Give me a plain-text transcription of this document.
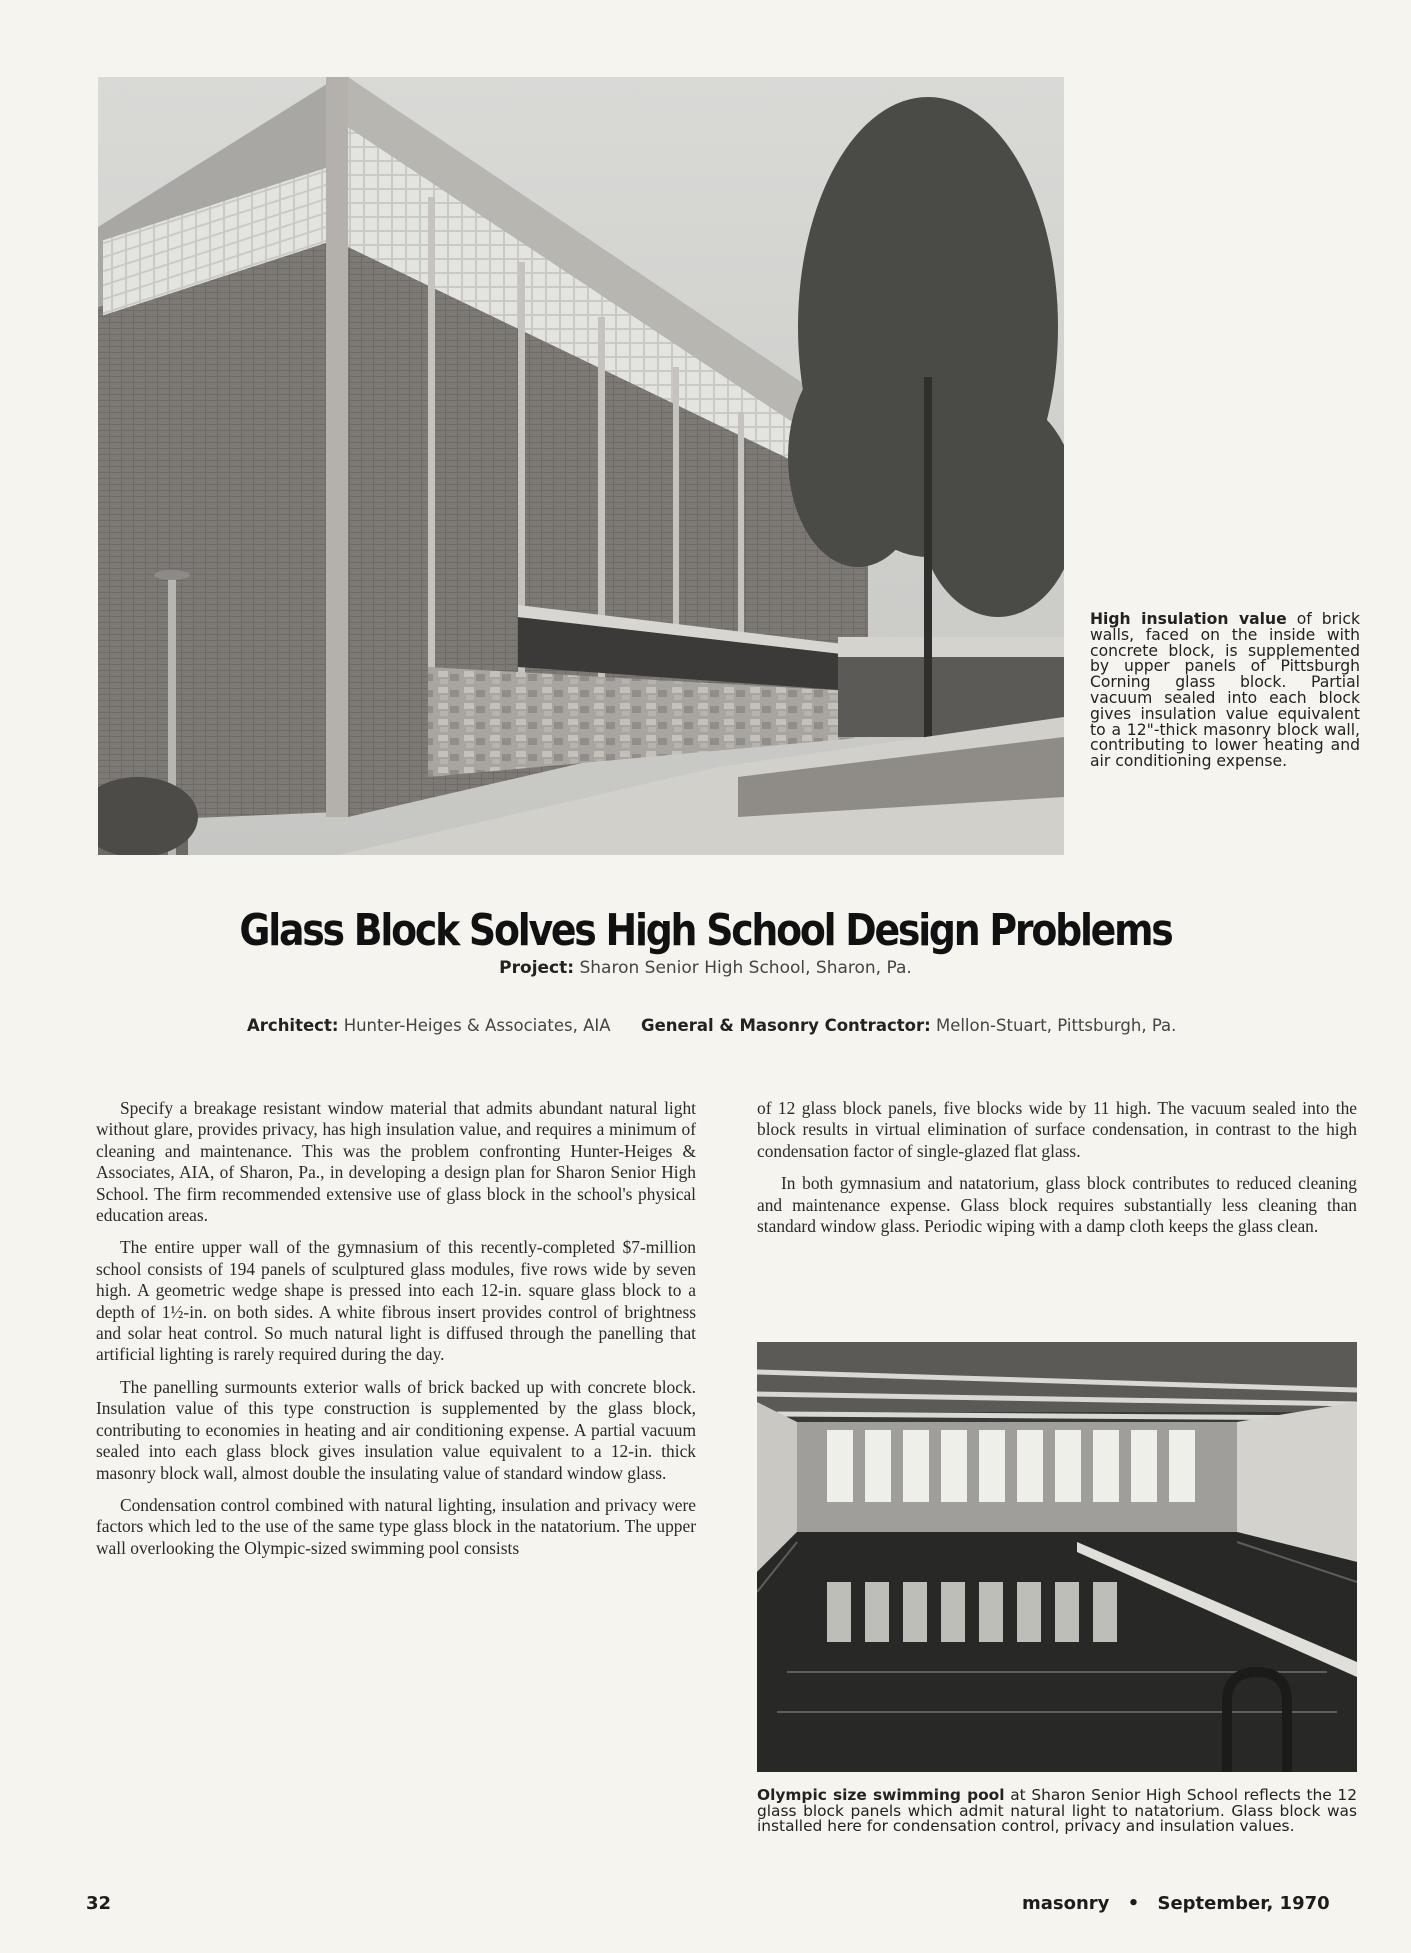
High insulation value of brick walls, faced on the inside with concrete block, is supplemented by upper panels of Pittsburgh Corning glass block. Partial vacuum sealed into each block gives insulation value equivalent to a 12"-thick masonry block wall, contributing to lower heating and air conditioning expense.
Glass Block Solves High School Design Problems
Project: Sharon Senior High School, Sharon, Pa.
Architect: Hunter-Heiges & Associates, AIA General & Masonry Contractor: Mellon-Stuart, Pittsburgh, Pa.

Specify a breakage resistant window material that admits abundant natural light without glare, provides privacy, has high insulation value, and requires a minimum of cleaning and maintenance. This was the problem confronting Hunter-Heiges & Associates, AIA, of Sharon, Pa., in developing a design plan for Sharon Senior High School. The firm recommended extensive use of glass block in the school's physical education areas.

The entire upper wall of the gymnasium of this recently-completed $7-million school consists of 194 panels of sculptured glass modules, five rows wide by seven high. A geometric wedge shape is pressed into each 12-in. square glass block to a depth of 1½-in. on both sides. A white fibrous insert provides control of brightness and solar heat control. So much natural light is diffused through the panelling that artificial lighting is rarely required during the day.

The panelling surmounts exterior walls of brick backed up with concrete block. Insulation value of this type construction is supplemented by the glass block, contributing to economies in heating and air conditioning expense. A partial vacuum sealed into each glass block gives insulation value equivalent to a 12-in. thick masonry block wall, almost double the insulating value of standard window glass.

Condensation control combined with natural lighting, insulation and privacy were factors which led to the use of the same type glass block in the natatorium. The upper wall overlooking the Olympic-sized swimming pool consists

of 12 glass block panels, five blocks wide by 11 high. The vacuum sealed into the block results in virtual elimination of surface condensation, in contrast to the high condensation factor of single-glazed flat glass.

In both gymnasium and natatorium, glass block contributes to reduced cleaning and maintenance expense. Glass block requires substantially less cleaning than standard window glass. Periodic wiping with a damp cloth keeps the glass clean.

Olympic size swimming pool at Sharon Senior High School reflects the 12 glass block panels which admit natural light to natatorium. Glass block was installed here for condensation control, privacy and insulation values.
32	masonry • September, 1970
